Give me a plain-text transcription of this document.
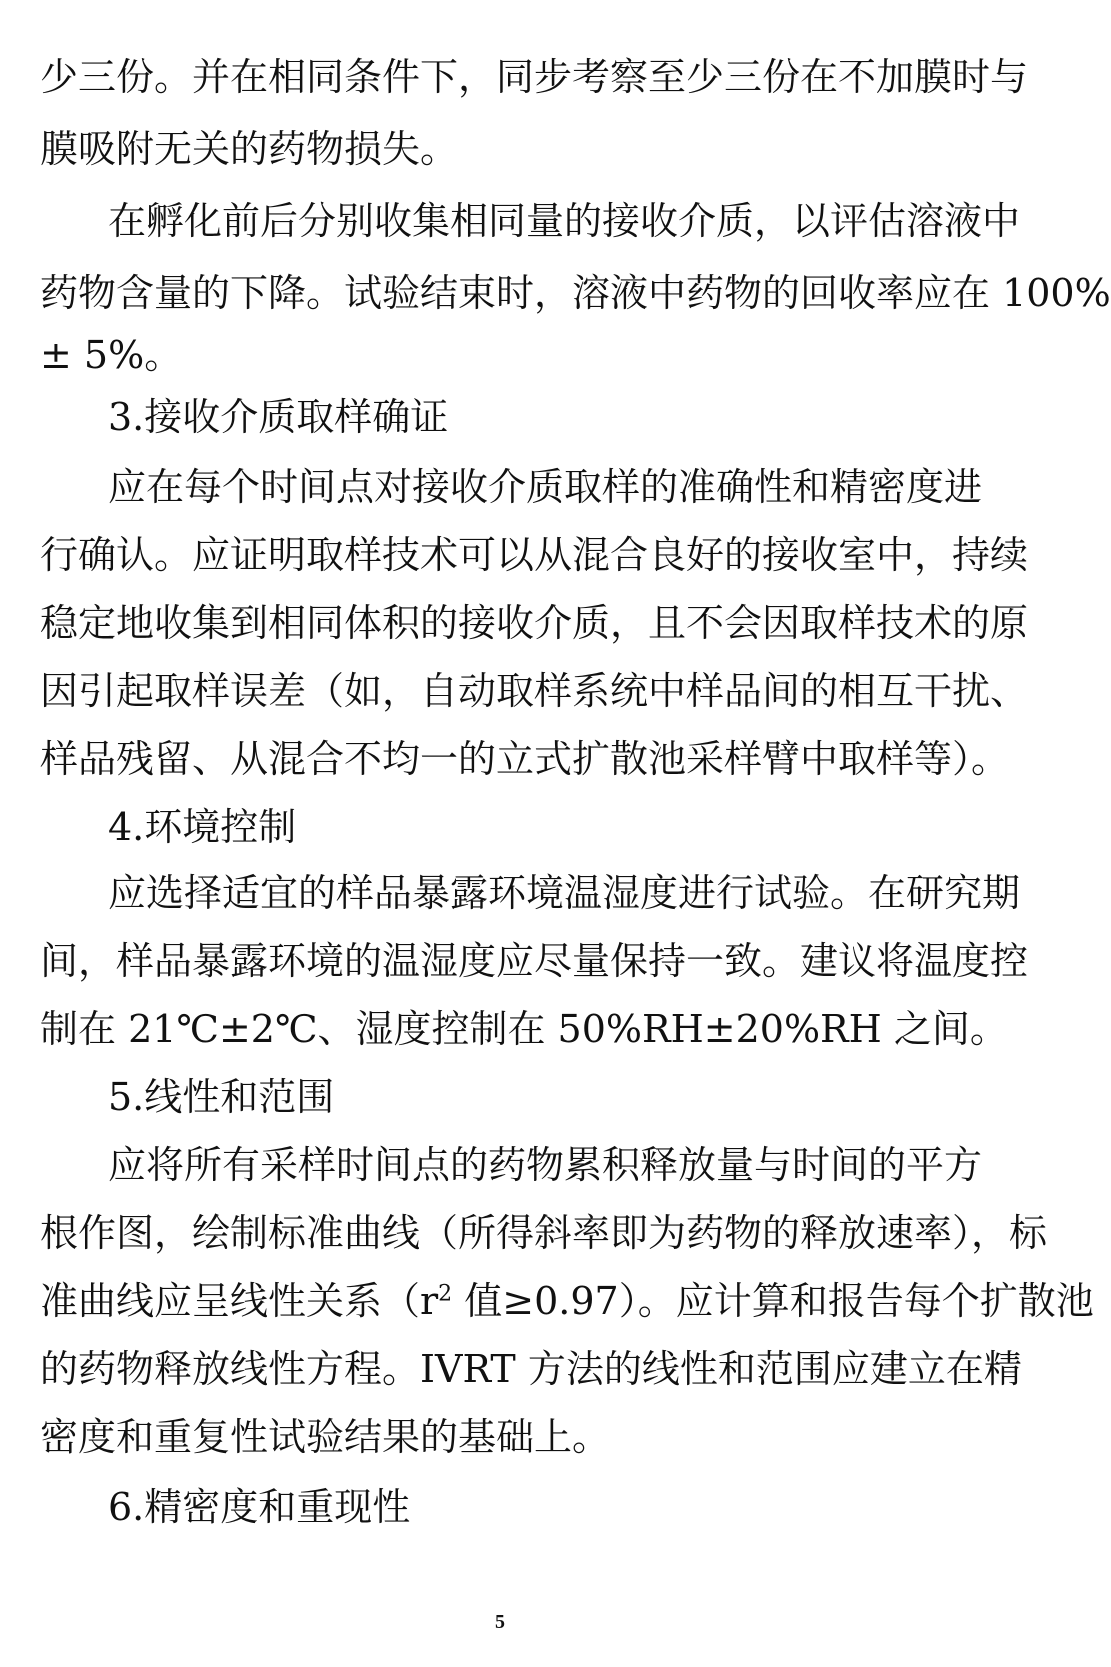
少三份。并在相同条件下，同步考察至少三份在不加膜时与
膜吸附无关的药物损失。
在孵化前后分别收集相同量的接收介质，以评估溶液中
药物含量的下降。试验结束时，溶液中药物的回收率应在 100%
± 5%。
3.接收介质取样确证
应在每个时间点对接收介质取样的准确性和精密度进
行确认。应证明取样技术可以从混合良好的接收室中，持续
稳定地收集到相同体积的接收介质，且不会因取样技术的原
因引起取样误差（如，自动取样系统中样品间的相互干扰、
样品残留、从混合不均一的立式扩散池采样臂中取样等）。
4.环境控制
应选择适宜的样品暴露环境温湿度进行试验。在研究期
间，样品暴露环境的温湿度应尽量保持一致。建议将温度控
制在 21℃±2℃、湿度控制在 50%RH±20%RH 之间。
5.线性和范围
应将所有采样时间点的药物累积释放量与时间的平方
根作图，绘制标准曲线（所得斜率即为药物的释放速率），标
准曲线应呈线性关系（$r^2$ 值≥0.97）。应计算和报告每个扩散池
的药物释放线性方程。IVRT 方法的线性和范围应建立在精
密度和重复性试验结果的基础上。
6.精密度和重现性
5
